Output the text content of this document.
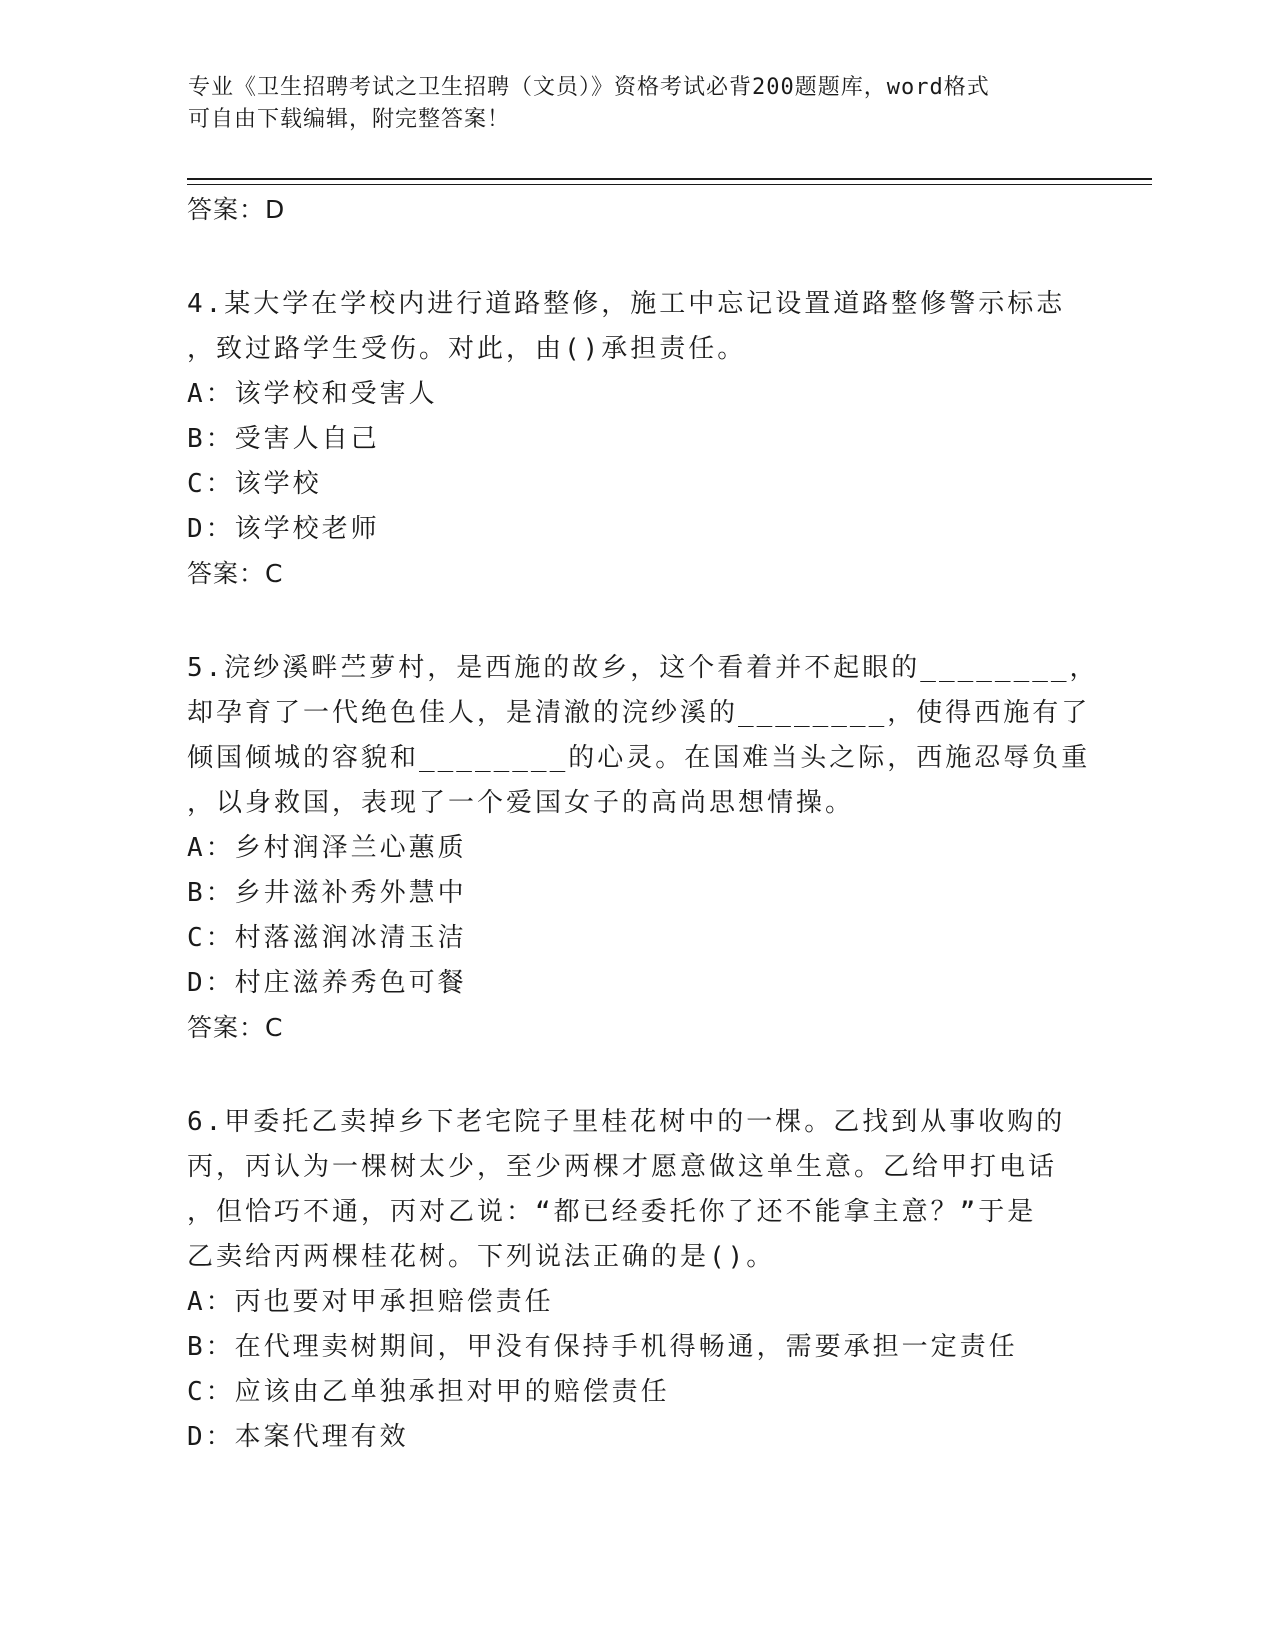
专业《卫生招聘考试之卫生招聘（文员）》资格考试必背200题题库，word格式
可自由下载编辑，附完整答案！
答案：D
4.某大学在学校内进行道路整修，施工中忘记设置道路整修警示标志
，致过路学生受伤。对此，由()承担责任。
A：该学校和受害人
B：受害人自己
C：该学校
D：该学校老师
答案：C
5.浣纱溪畔苎萝村，是西施的故乡，这个看着并不起眼的________，
却孕育了一代绝色佳人，是清澈的浣纱溪的________，使得西施有了
倾国倾城的容貌和________的心灵。在国难当头之际，西施忍辱负重
，以身救国，表现了一个爱国女子的高尚思想情操。
A：乡村润泽兰心蕙质
B：乡井滋补秀外慧中
C：村落滋润冰清玉洁
D：村庄滋养秀色可餐
答案：C
6.甲委托乙卖掉乡下老宅院子里桂花树中的一棵。乙找到从事收购的
丙，丙认为一棵树太少，至少两棵才愿意做这单生意。乙给甲打电话
，但恰巧不通，丙对乙说：“都已经委托你了还不能拿主意？”于是
乙卖给丙两棵桂花树。下列说法正确的是()。
A：丙也要对甲承担赔偿责任
B：在代理卖树期间，甲没有保持手机得畅通，需要承担一定责任
C：应该由乙单独承担对甲的赔偿责任
D：本案代理有效
